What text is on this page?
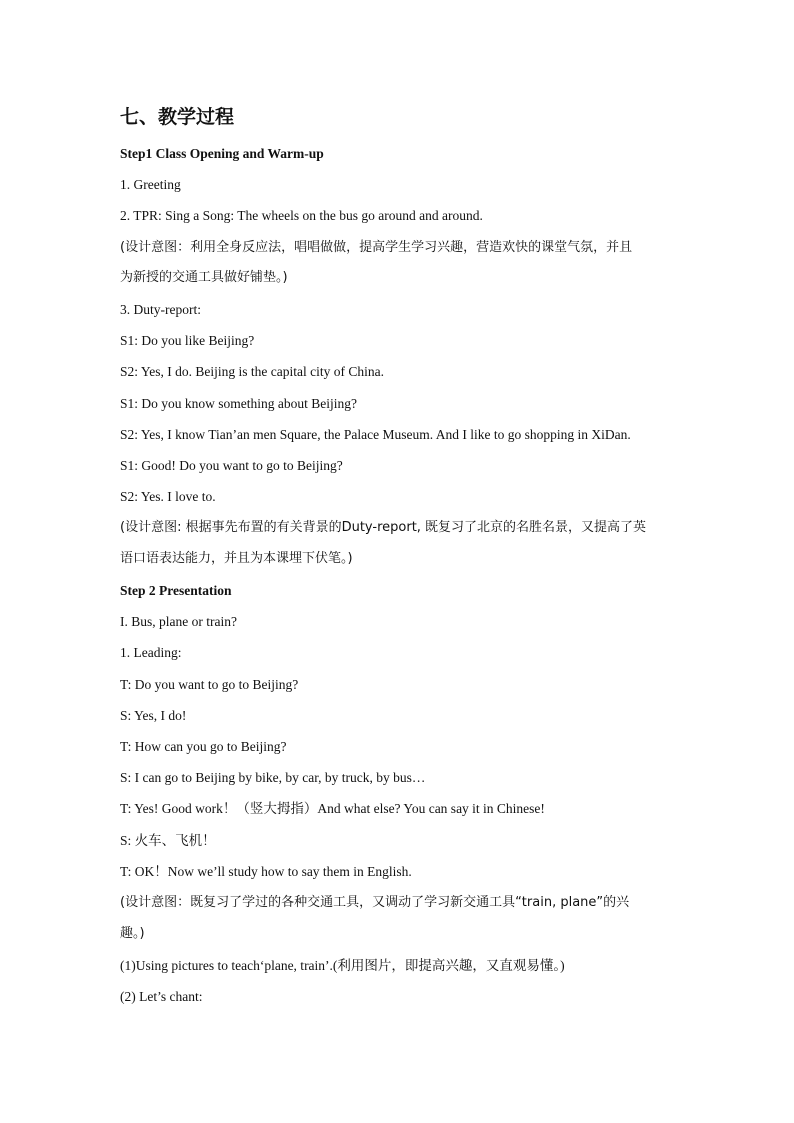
七、教学过程
Step1 Class Opening and Warm-up
1. Greeting
2. TPR: Sing a Song: The wheels on the bus go around and around.
(设计意图：利用全身反应法，唱唱做做，提高学生学习兴趣，营造欢快的课堂气氛，并且
为新授的交通工具做好铺垫。)
3. Duty-report:
S1: Do you like Beijing?
S2: Yes, I do. Beijing is the capital city of China.
S1: Do you know something about Beijing?
S2: Yes, I know Tian’an men Square, the Palace Museum. And I like to go shopping in XiDan.
S1: Good! Do you want to go to Beijing?
S2: Yes. I love to.
(设计意图: 根据事先布置的有关背景的Duty-report, 既复习了北京的名胜名景，又提高了英
语口语表达能力，并且为本课埋下伏笔。)
Step 2 Presentation
I. Bus, plane or train?
1. Leading:
T: Do you want to go to Beijing?
S: Yes, I do!
T: How can you go to Beijing?
S: I can go to Beijing by bike, by car, by truck, by bus…
T: Yes! Good work！（竖大拇指）And what else? You can say it in Chinese!
S: 火车、飞机！
T: OK！Now we’ll study how to say them in English.
(设计意图：既复习了学过的各种交通工具，又调动了学习新交通工具“train, plane”的兴
趣。)
(1)Using pictures to teach‘plane, train’.(利用图片，即提高兴趣，又直观易懂。)
(2) Let’s chant:
